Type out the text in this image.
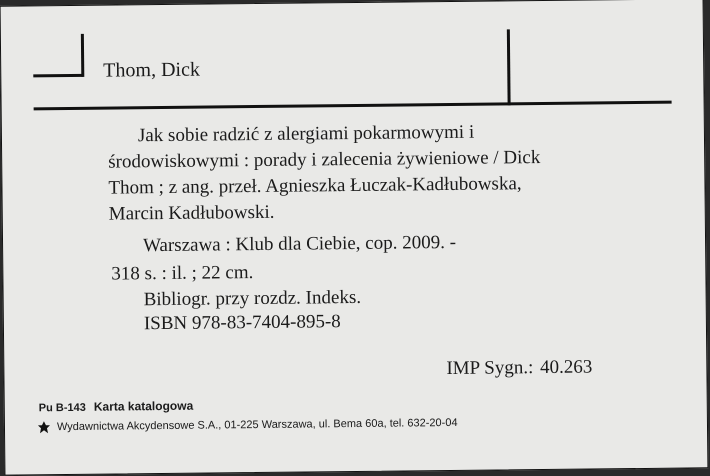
Thom, Dick
Jak sobie radzić z alergiami pokarmowymi i
środowiskowymi : porady i zalecenia żywieniowe / Dick
Thom ; z ang. przeł. Agnieszka Łuczak-Kadłubowska,
Marcin Kadłubowski.
Warszawa : Klub dla Ciebie, cop. 2009. -
318 s. : il. ; 22 cm.
Bibliogr. przy rozdz. Indeks.
ISBN 978-83-7404-895-8
IMP Sygn.: 40.263
Pu B-143 Karta katalogowa
Wydawnictwa Akcydensowe S.A., 01-225 Warszawa, ul. Bema 60a, tel. 632-20-04
